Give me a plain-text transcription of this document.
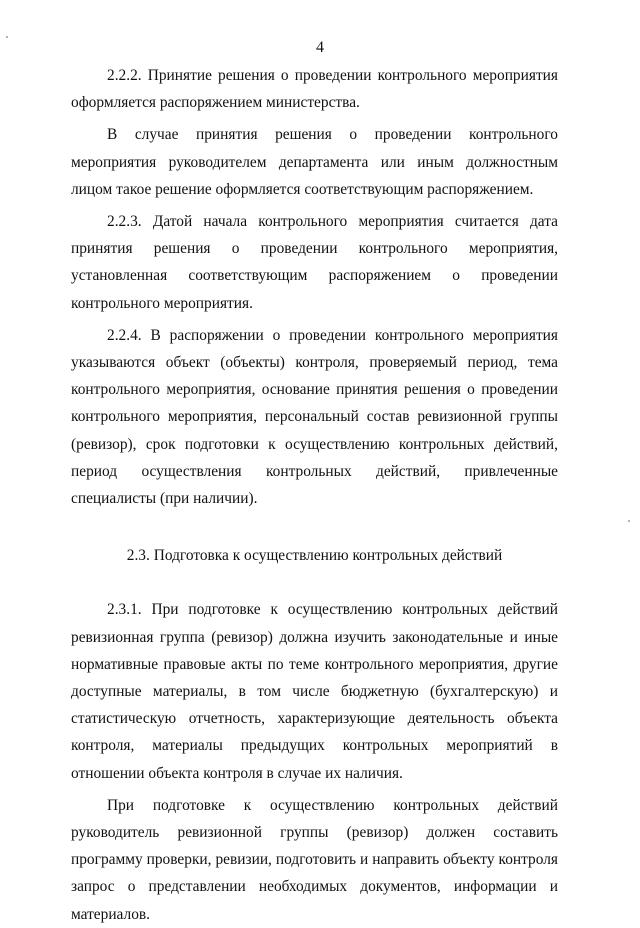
4

2.2.2. Принятие решения о проведении контрольного мероприятия оформляется распоряжением министерства.

В случае принятия решения о проведении контрольного мероприятия руководителем департамента или иным должностным лицом такое решение оформляется соответствующим распоряжением.

2.2.3. Датой начала контрольного мероприятия считается дата принятия решения о проведении контрольного мероприятия, установленная соответствующим распоряжением о проведении контрольного мероприятия.

2.2.4. В распоряжении о проведении контрольного мероприятия указываются объект (объекты) контроля, проверяемый период, тема контрольного мероприятия, основание принятия решения о проведении контрольного мероприятия, персональный состав ревизионной группы (ревизор), срок подготовки к осуществлению контрольных действий, период осуществления контрольных действий, привлеченные специалисты (при наличии).

2.3. Подготовка к осуществлению контрольных действий

2.3.1. При подготовке к осуществлению контрольных действий ревизионная группа (ревизор) должна изучить законодательные и иные нормативные правовые акты по теме контрольного мероприятия, другие доступные материалы, в том числе бюджетную (бухгалтерскую) и статистическую отчетность, характеризующие деятельность объекта контроля, материалы предыдущих контрольных мероприятий в отношении объекта контроля в случае их наличия.

При подготовке к осуществлению контрольных действий руководитель ревизионной группы (ревизор) должен составить программу проверки, ревизии, подготовить и направить объекту контроля запрос о представлении необходимых документов, информации и материалов.
